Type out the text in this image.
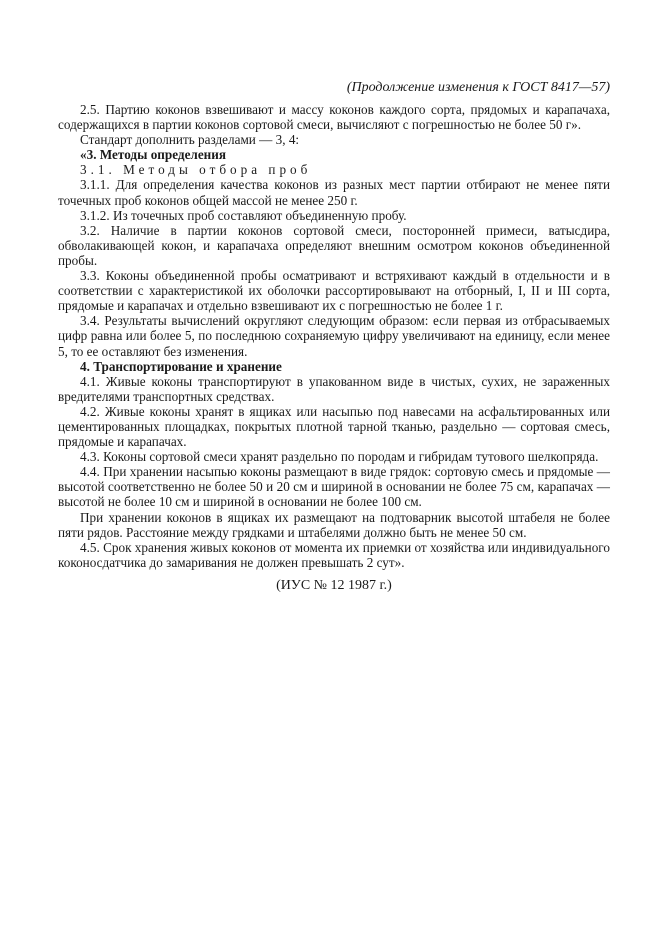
(Продолжение изменения к ГОСТ 8417—57)

2.5. Партию коконов взвешивают и массу коконов каждого сорта, прядомых и карапачаха, содержащихся в партии коконов сортовой смеси, вычисляют с погрешностью не более 50 г».

Стандарт дополнить разделами — 3, 4:

«3. Методы определения

3.1. Методы отбора проб

3.1.1. Для определения качества коконов из разных мест партии отбирают не менее пяти точечных проб коконов общей массой не менее 250 г.

3.1.2. Из точечных проб составляют объединенную пробу.

3.2. Наличие в партии коконов сортовой смеси, посторонней примеси, ватысдира, обволакивающей кокон, и карапачаха определяют внешним осмотром коконов объединенной пробы.

3.3. Коконы объединенной пробы осматривают и встряхивают каждый в отдельности и в соответствии с характеристикой их оболочки рассортировывают на отборный, I, II и III сорта, прядомые и карапачах и отдельно взвешивают их с погрешностью не более 1 г.

3.4. Результаты вычислений округляют следующим образом: если первая из отбрасываемых цифр равна или более 5, по последнюю сохраняемую цифру увеличивают на единицу, если менее 5, то ее оставляют без изменения.

4. Транспортирование и хранение

4.1. Живые коконы транспортируют в упакованном виде в чистых, сухих, не зараженных вредителями транспортных средствах.

4.2. Живые коконы хранят в ящиках или насыпью под навесами на асфальтированных или цементированных площадках, покрытых плотной тарной тканью, раздельно — сортовая смесь, прядомые и карапачах.

4.3. Коконы сортовой смеси хранят раздельно по породам и гибридам тутового шелкопряда.

4.4. При хранении насыпью коконы размещают в виде грядок: сортовую смесь и прядомые — высотой соответственно не более 50 и 20 см и шириной в основании не более 75 см, карапачах — высотой не более 10 см и шириной в основании не более 100 см.

При хранении коконов в ящиках их размещают на подтоварник высотой штабеля не более пяти рядов. Расстояние между грядками и штабелями должно быть не менее 50 см.

4.5. Срок хранения живых коконов от момента их приемки от хозяйства или индивидуального коконосдатчика до замаривания не должен превышать 2 сут».

(ИУС № 12 1987 г.)
